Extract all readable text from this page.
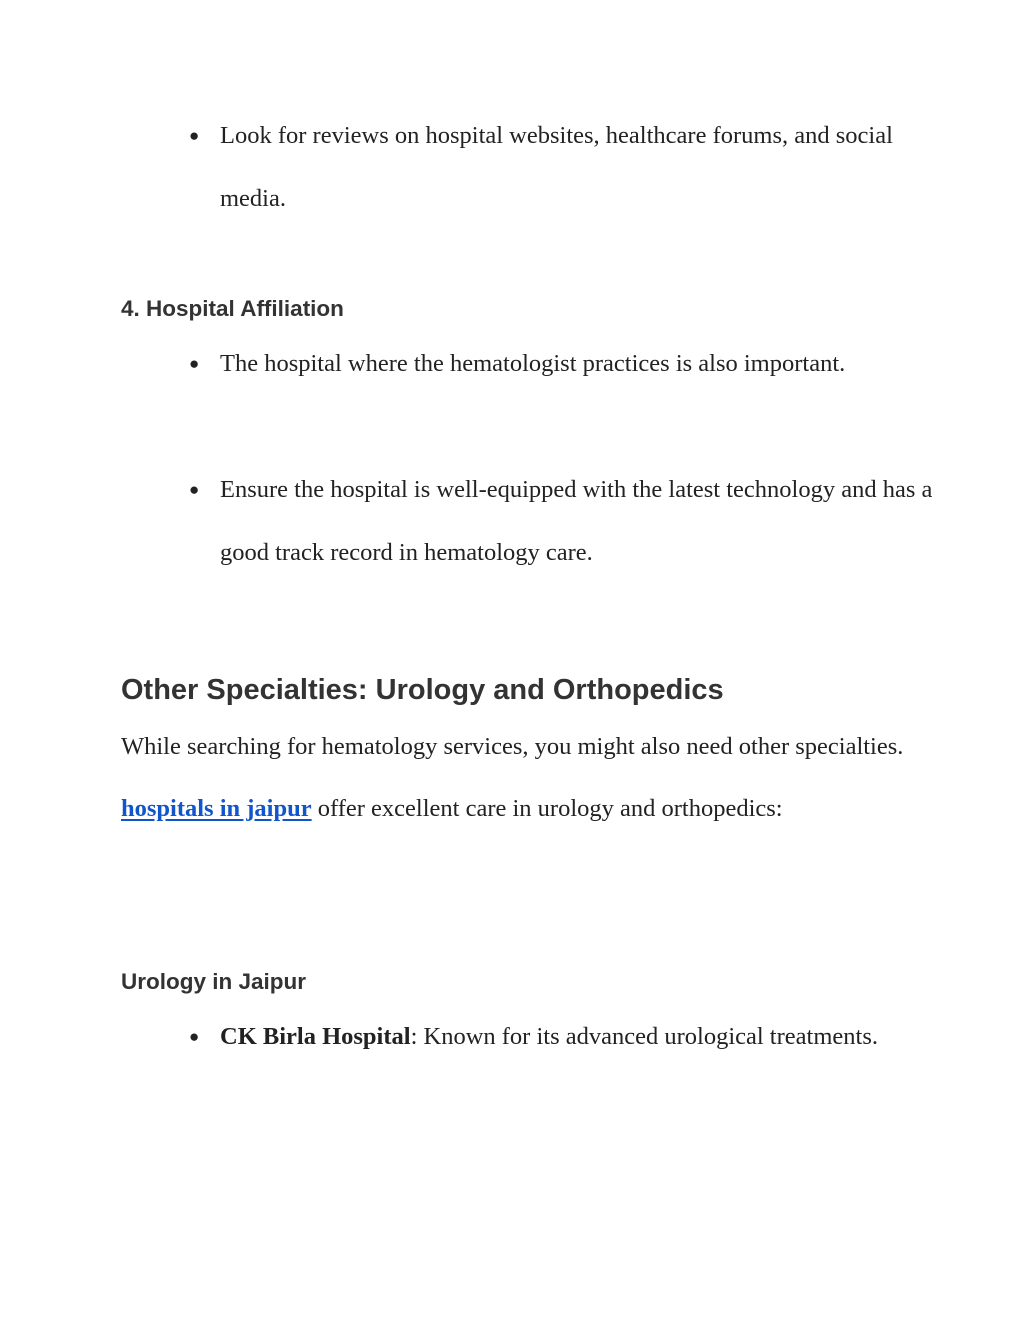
●
Look for reviews on hospital websites, healthcare forums, and social media.
4. Hospital Affiliation
●
The hospital where the hematologist practices is also important.
●
Ensure the hospital is well-equipped with the latest technology and has a good track record in hematology care.
Other Specialties: Urology and Orthopedics
While searching for hematology services, you might also need other specialties. hospitals in jaipur offer excellent care in urology and orthopedics:
Urology in Jaipur
●
CK Birla Hospital: Known for its advanced urological treatments.
